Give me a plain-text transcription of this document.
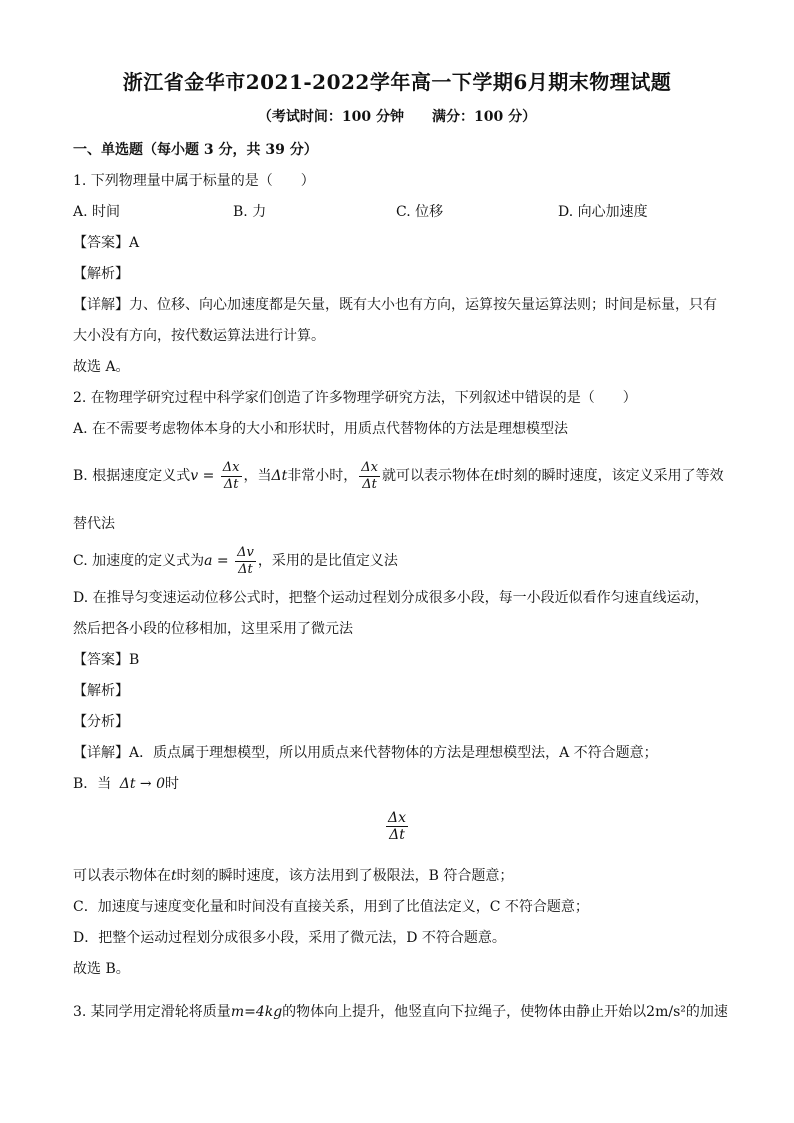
浙江省金华市2021-2022学年高一下学期6月期末物理试题
（考试时间：100 分钟 满分：100 分）
一、单选题（每小题 3 分，共 39 分）
1. 下列物理量中属于标量的是（　　）
A. 时间	B. 力	C. 位移	D. 向心加速度
【答案】A
【解析】
【详解】力、位移、向心加速度都是矢量，既有大小也有方向，运算按矢量运算法则；时间是标量，只有
大小没有方向，按代数运算法进行计算。
故选 A。
2. 在物理学研究过程中科学家们创造了许多物理学研究方法，下列叙述中错误的是（　　）
A. 在不需要考虑物体本身的大小和形状时，用质点代替物体的方法是理想模型法
B. 根据速度定义式$v = \frac{\Delta x}{\Delta t}$ ，当Δt非常小时， $\frac{\Delta x}{\Delta t}$ 就可以表示物体在t时刻的瞬时速度，该定义采用了等效
替代法
C. 加速度的定义式为$a = \frac{\Delta v}{\Delta t}$ ，采用的是比值定义法
D. 在推导匀变速运动位移公式时，把整个运动过程划分成很多小段，每一小段近似看作匀速直线运动，
然后把各小段的位移相加，这里采用了微元法
【答案】B
【解析】
【分析】
【详解】A．质点属于理想模型，所以用质点来代替物体的方法是理想模型法，A 不符合题意；
B．当 Δt → 0时
$\frac{\Delta x}{\Delta t}$
可以表示物体在t时刻的瞬时速度，该方法用到了极限法，B 符合题意；
C．加速度与速度变化量和时间没有直接关系，用到了比值法定义，C 不符合题意；
D．把整个运动过程划分成很多小段，采用了微元法，D 不符合题意。
故选 B。
3. 某同学用定滑轮将质量m=4kg的物体向上提升，他竖直向下拉绳子，使物体由静止开始以2m/s²的加速
